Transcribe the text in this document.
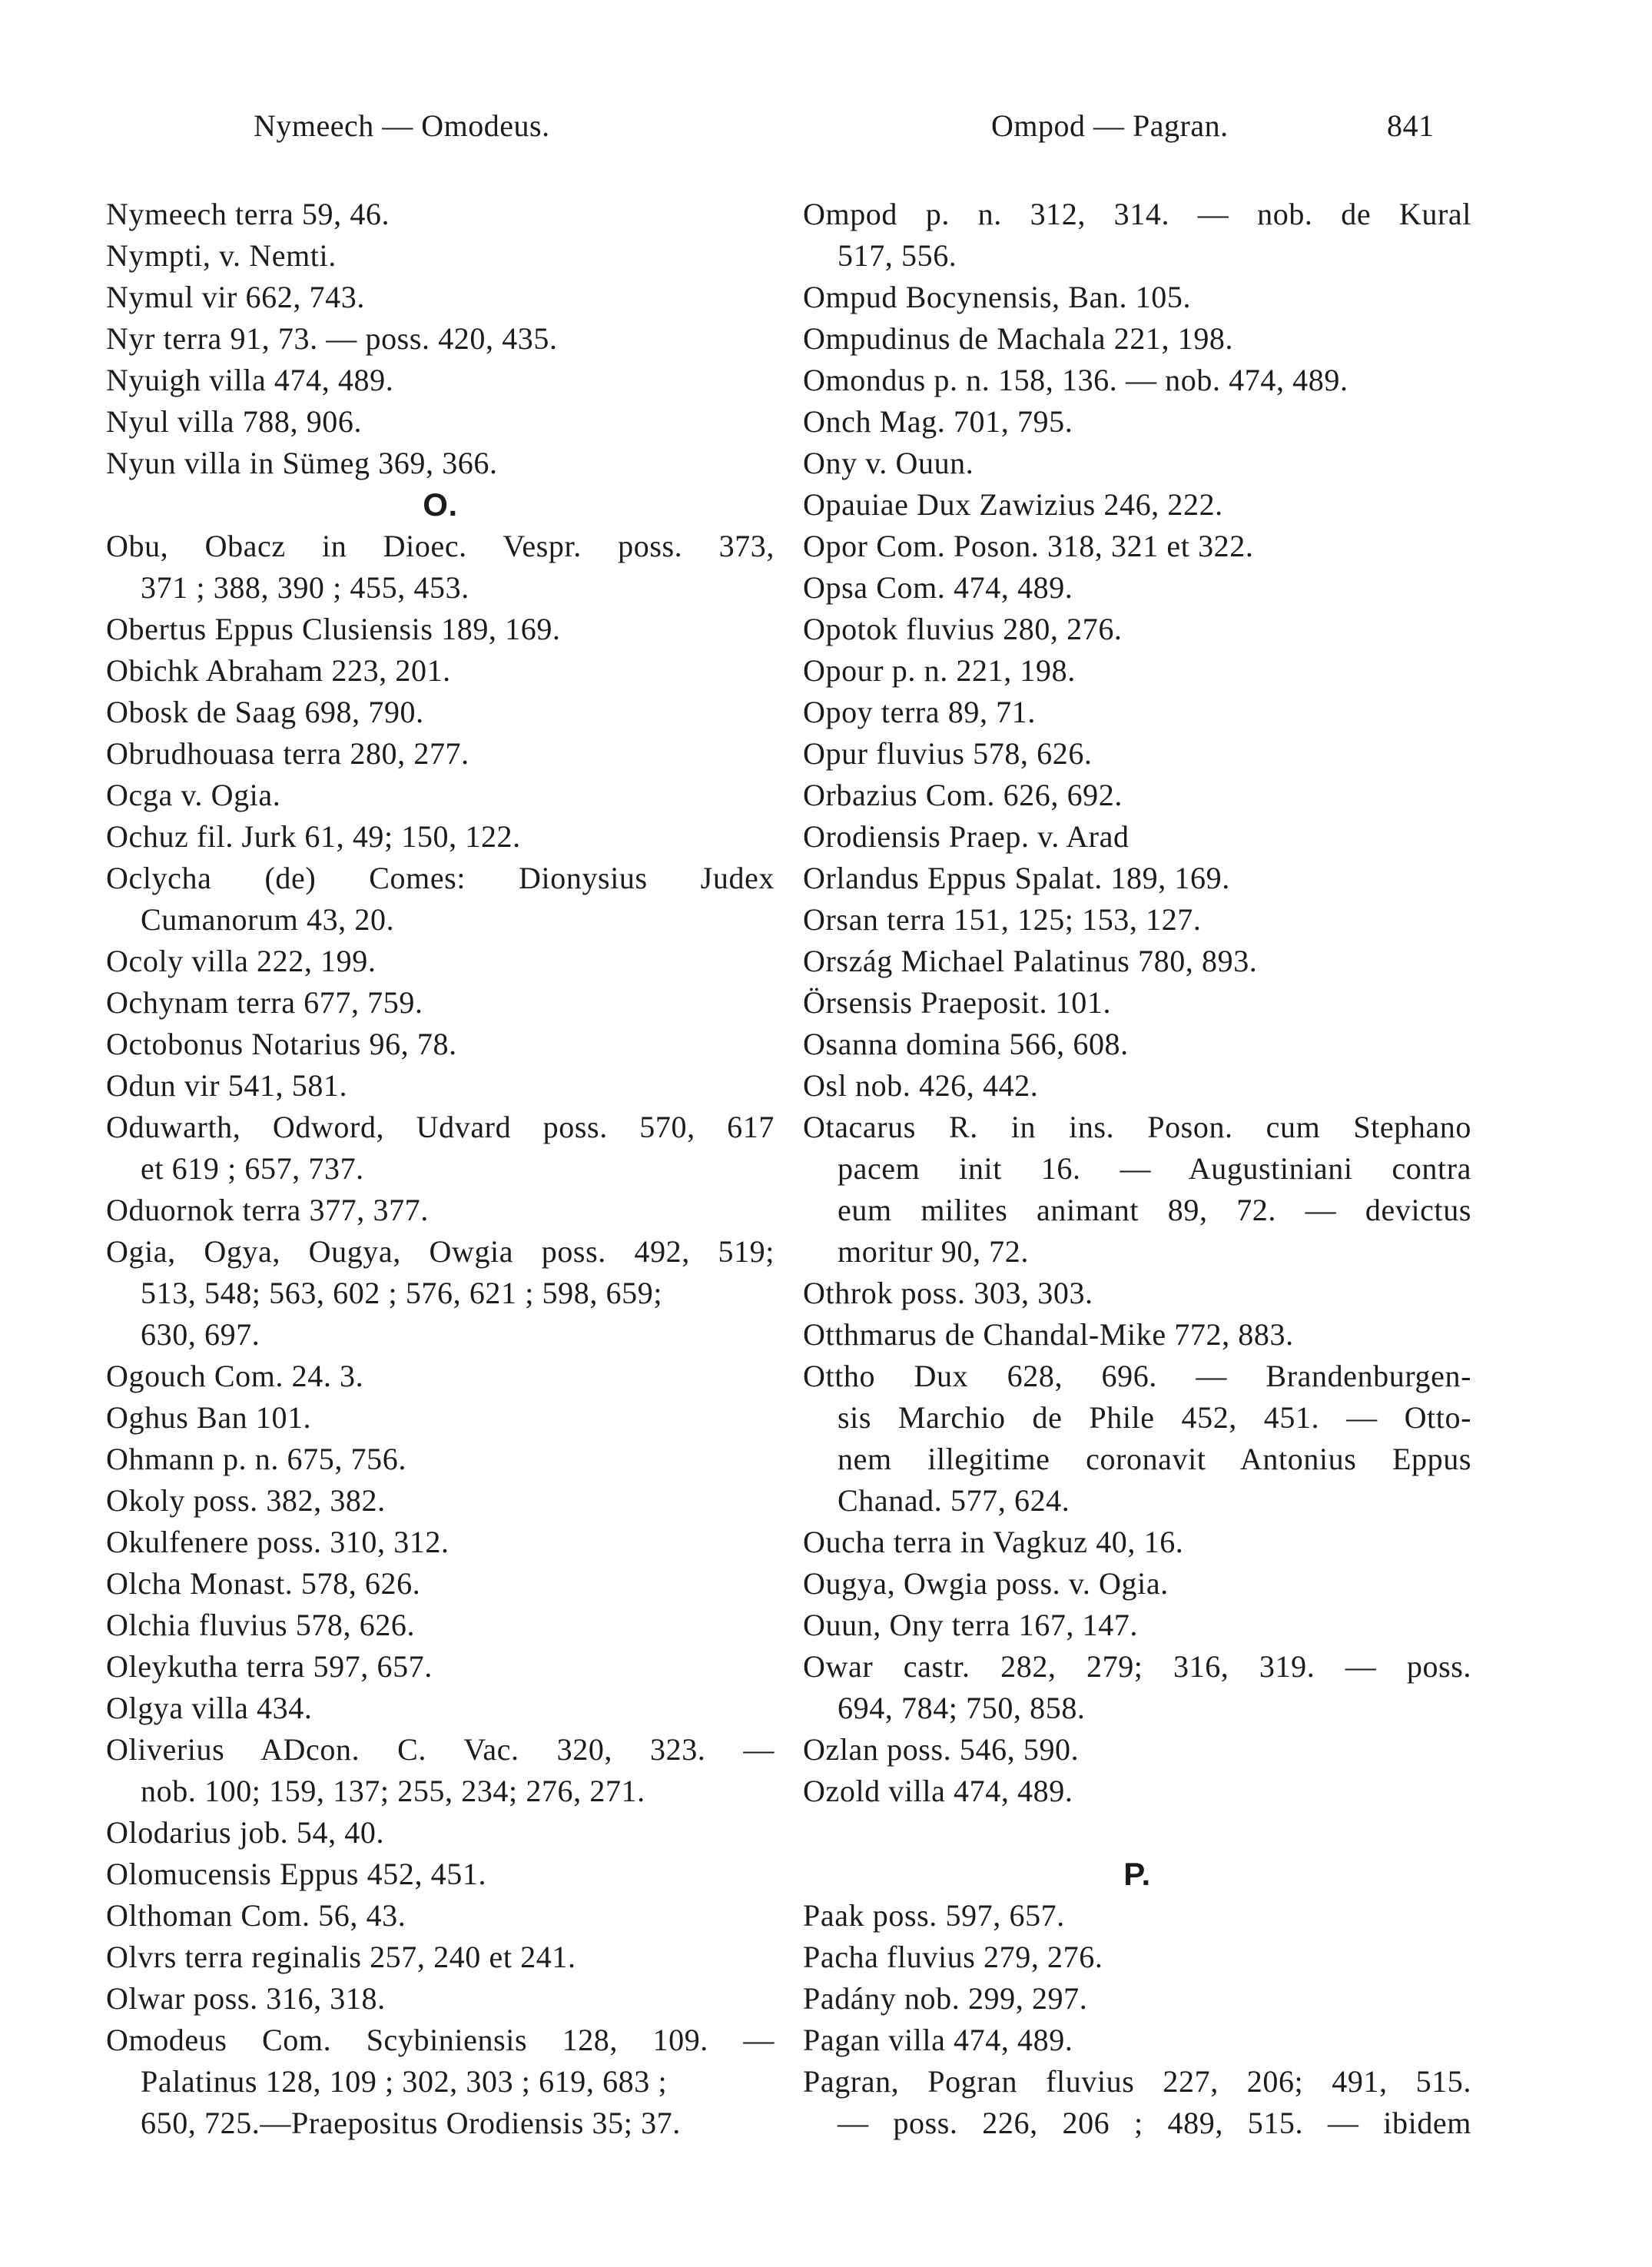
Nymeech — Omodeus.	Ompod — Pagran.	841
Nymeech terra 59, 46.
Nympti, v. Nemti.
Nymul vir 662, 743.
Nyr terra 91, 73. — poss. 420, 435.
Nyuigh villa 474, 489.
Nyul villa 788, 906.
Nyun villa in Sümeg 369, 366.
O.
Obu, Obacz in Dioec. Vespr. poss. 373,
371 ; 388, 390 ; 455, 453.
Obertus Eppus Clusiensis 189, 169.
Obichk Abraham 223, 201.
Obosk de Saag 698, 790.
Obrudhouasa terra 280, 277.
Ocga v. Ogia.
Ochuz fil. Jurk 61, 49; 150, 122.
Oclycha (de) Comes: Dionysius Judex
Cumanorum 43, 20.
Ocoly villa 222, 199.
Ochynam terra 677, 759.
Octobonus Notarius 96, 78.
Odun vir 541, 581.
Oduwarth, Odword, Udvard poss. 570, 617
et 619 ; 657, 737.
Oduornok terra 377, 377.
Ogia, Ogya, Ougya, Owgia poss. 492, 519;
513, 548; 563, 602 ; 576, 621 ; 598, 659;
630, 697.
Ogouch Com. 24. 3.
Oghus Ban 101.
Ohmann p. n. 675, 756.
Okoly poss. 382, 382.
Okulfenere poss. 310, 312.
Olcha Monast. 578, 626.
Olchia fluvius 578, 626.
Oleykutha terra 597, 657.
Olgya villa 434.
Oliverius ADcon. C. Vac. 320, 323. —
nob. 100; 159, 137; 255, 234; 276, 271.
Olodarius job. 54, 40.
Olomucensis Eppus 452, 451.
Olthoman Com. 56, 43.
Olvrs terra reginalis 257, 240 et 241.
Olwar poss. 316, 318.
Omodeus Com. Scybiniensis 128, 109. —
Palatinus 128, 109 ; 302, 303 ; 619, 683 ;
650, 725.—Praepositus Orodiensis 35; 37.
Ompod p. n. 312, 314. — nob. de Kural
517, 556.
Ompud Bocynensis, Ban. 105.
Ompudinus de Machala 221, 198.
Omondus p. n. 158, 136. — nob. 474, 489.
Onch Mag. 701, 795.
Ony v. Ouun.
Opauiae Dux Zawizius 246, 222.
Opor Com. Poson. 318, 321 et 322.
Opsa Com. 474, 489.
Opotok fluvius 280, 276.
Opour p. n. 221, 198.
Opoy terra 89, 71.
Opur fluvius 578, 626.
Orbazius Com. 626, 692.
Orodiensis Praep. v. Arad
Orlandus Eppus Spalat. 189, 169.
Orsan terra 151, 125; 153, 127.
Ország Michael Palatinus 780, 893.
Örsensis Praeposit. 101.
Osanna domina 566, 608.
Osl nob. 426, 442.
Otacarus R. in ins. Poson. cum Stephano
pacem init 16. — Augustiniani contra
eum milites animant 89, 72. — devictus
moritur 90, 72.
Othrok poss. 303, 303.
Otthmarus de Chandal-Mike 772, 883.
Ottho Dux 628, 696. — Brandenburgen-
sis Marchio de Phile 452, 451. — Otto-
nem illegitime coronavit Antonius Eppus
Chanad. 577, 624.
Oucha terra in Vagkuz 40, 16.
Ougya, Owgia poss. v. Ogia.
Ouun, Ony terra 167, 147.
Owar castr. 282, 279; 316, 319. — poss.
694, 784; 750, 858.
Ozlan poss. 546, 590.
Ozold villa 474, 489.
P.
Paak poss. 597, 657.
Pacha fluvius 279, 276.
Padány nob. 299, 297.
Pagan villa 474, 489.
Pagran, Pogran fluvius 227, 206; 491, 515.
— poss. 226, 206 ; 489, 515. — ibidem
